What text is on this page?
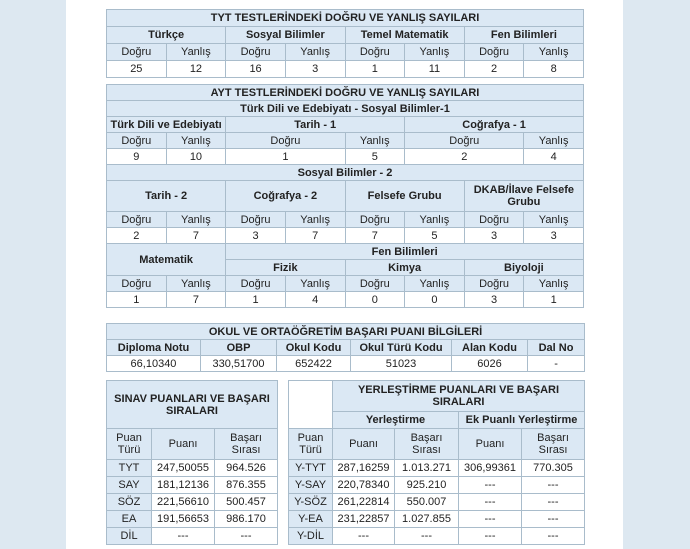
TYT TESTLERİNDEKİ DOĞRU VE YANLIŞ SAYILARI							
Türkçe		Sosyal Bilimler		Temel Matematik		Fen Bilimleri	
Doğru	Yanlış	Doğru	Yanlış	Doğru	Yanlış	Doğru	Yanlış
25	12	16	3	1	11	2	8
AYT TESTLERİNDEKİ DOĞRU VE YANLIŞ SAYILARI							
Türk Dili ve Edebiyatı - Sosyal Bilimler-1							
Türk Dili ve Edebiyatı		Tarih - 1			Coğrafya - 1		
Doğru	Yanlış	Doğru		Yanlış	Doğru		Yanlış
9	10	1		5	2		4
Sosyal Bilimler - 2							
Tarih - 2		Coğrafya - 2		Felsefe Grubu		DKAB/İlave Felsefe Grubu	
Doğru	Yanlış	Doğru	Yanlış	Doğru	Yanlış	Doğru	Yanlış
2	7	3	7	7	5	3	3
Matematik		Fen Bilimleri					
		Fizik		Kimya		Biyoloji	
Doğru	Yanlış	Doğru	Yanlış	Doğru	Yanlış	Doğru	Yanlış
1	7	1	4	0	0	3	1
OKUL VE ORTAÖĞRETİM BAŞARI PUANI BİLGİLERİ					
Diploma Notu	OBP	Okul Kodu	Okul Türü Kodu	Alan Kodu	Dal No
66,10340	330,51700	652422	51023	6026	-
SINAV PUANLARI VE BAŞARI SIRALARI		
Puan Türü	Puanı	Başarı Sırası
TYT	247,50055	964.526
SAY	181,12136	876.355
SÖZ	221,56610	500.457
EA	191,56653	986.170
DİL	---	---
	YERLEŞTİRME PUANLARI VE BAŞARI SIRALARI			
	Yerleştirme		Ek Puanlı Yerleştirme	
Puan Türü	Puanı	Başarı Sırası	Puanı	Başarı Sırası
Y-TYT	287,16259	1.013.271	306,99361	770.305
Y-SAY	220,78340	925.210	---	---
Y-SÖZ	261,22814	550.007	---	---
Y-EA	231,22857	1.027.855	---	---
Y-DİL	---	---	---	---
